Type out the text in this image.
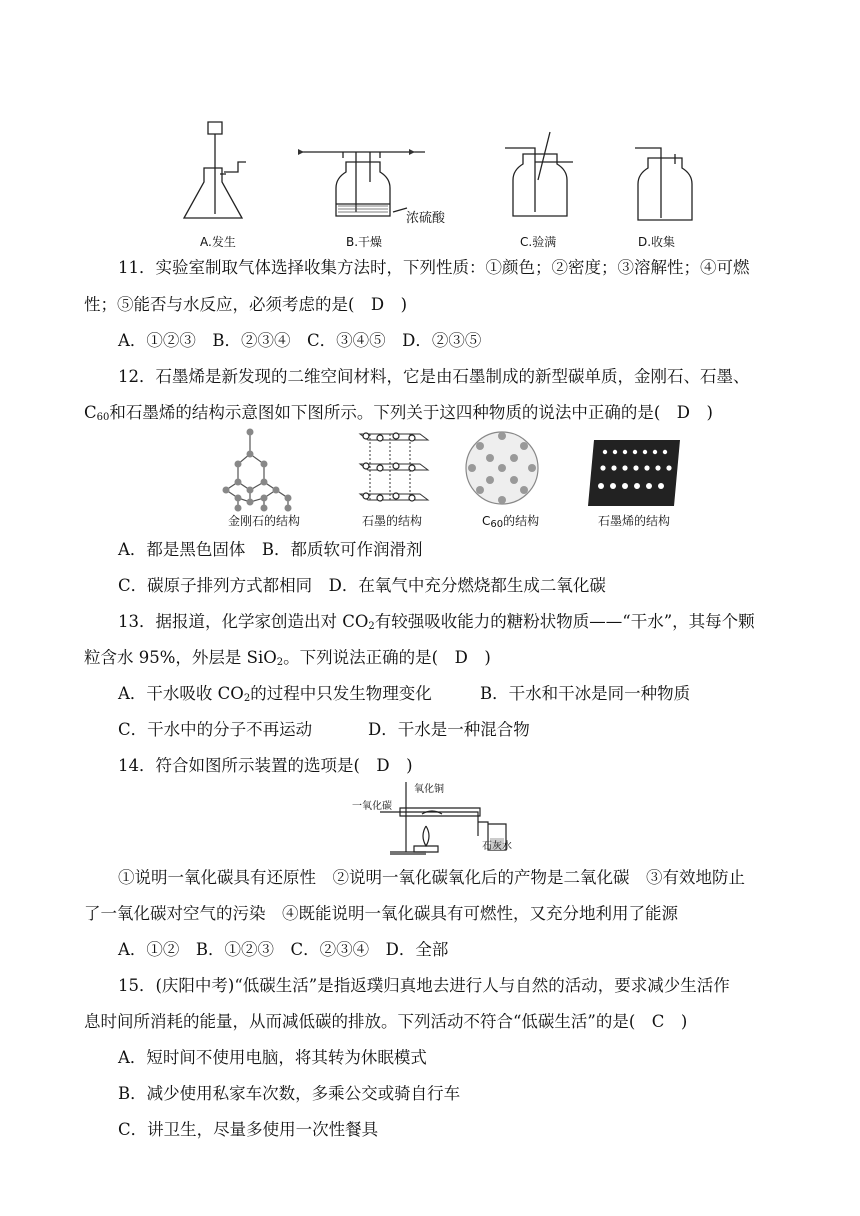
A.发生	B.干燥	C.验满	D.收集
浓硫酸
11．实验室制取气体选择收集方法时，下列性质：①颜色；②密度；③溶解性；④可燃
性；⑤能否与水反应，必须考虑的是(　D　)
A．①②③　B．②③④　C．③④⑤　D．②③⑤
12．石墨烯是新发现的二维空间材料，它是由石墨制成的新型碳单质，金刚石、石墨、
$C_{60}$和石墨烯的结构示意图如下图所示。下列关于这四种物质的说法中正确的是(　D　)
金刚石的结构	石墨的结构	$C_{60}$的结构	石墨烯的结构
A．都是黑色固体　B．都质软可作润滑剂
C．碳原子排列方式都相同　D．在氧气中充分燃烧都生成二氧化碳
13．据报道，化学家创造出对 $CO_2$有较强吸收能力的糖粉状物质——“干水”，其每个颗
粒含水 95%，外层是 SiO$_2$。下列说法正确的是(　D　)
A．干水吸收 $CO_2$的过程中只发生物理变化	B．干水和干冰是同一种物质
C．干水中的分子不再运动	D．干水是一种混合物
14．符合如图所示装置的选项是(　D　)
一氧化碳
氧化铜
石灰水
①说明一氧化碳具有还原性　②说明一氧化碳氧化后的产物是二氧化碳　③有效地防止
了一氧化碳对空气的污染　④既能说明一氧化碳具有可燃性，又充分地利用了能源
A．①②　B．①②③　C．②③④　D．全部
15．(庆阳中考)“低碳生活”是指返璞归真地去进行人与自然的活动，要求减少生活作
息时间所消耗的能量，从而减低碳的排放。下列活动不符合“低碳生活”的是(　C　)
A．短时间不使用电脑，将其转为休眠模式
B．减少使用私家车次数，多乘公交或骑自行车
C．讲卫生，尽量多使用一次性餐具
